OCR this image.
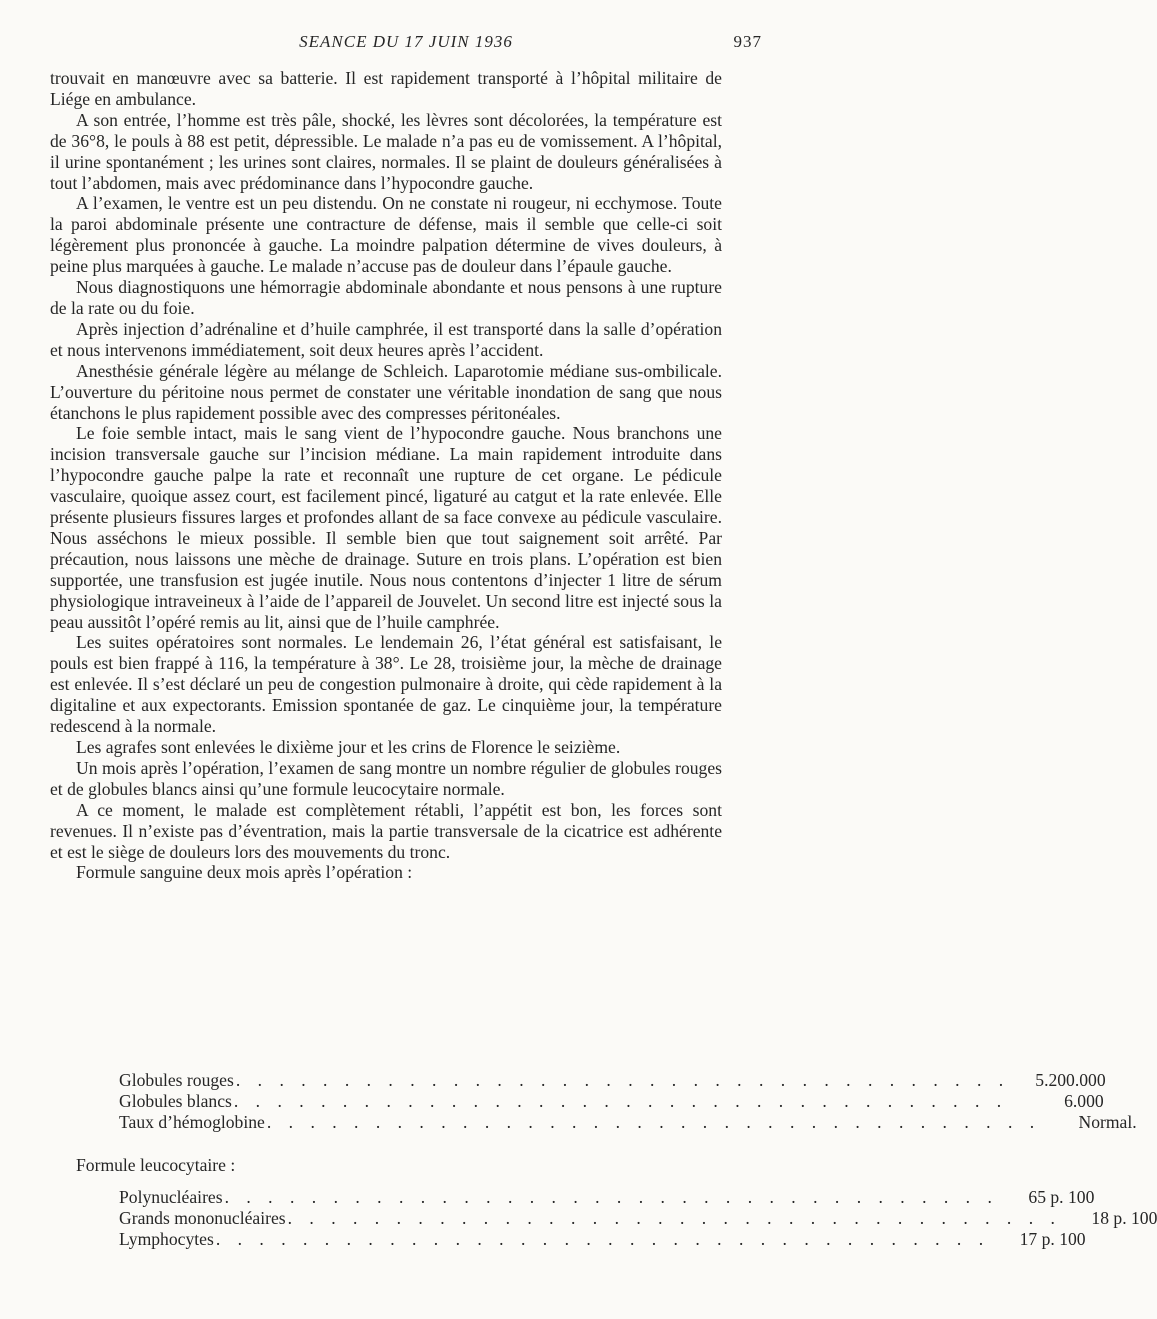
SEANCE DU 17 JUIN 1936	937

trouvait en manœuvre avec sa batterie. Il est rapidement transporté à l’hôpital militaire de Liége en ambulance.

A son entrée, l’homme est très pâle, shocké, les lèvres sont décolorées, la température est de 36°8, le pouls à 88 est petit, dépressible. Le malade n’a pas eu de vomissement. A l’hôpital, il urine spontanément ; les urines sont claires, normales. Il se plaint de douleurs généralisées à tout l’abdomen, mais avec prédominance dans l’hypocondre gauche.

A l’examen, le ventre est un peu distendu. On ne constate ni rougeur, ni ecchymose. Toute la paroi abdominale présente une contracture de défense, mais il semble que celle-ci soit légèrement plus prononcée à gauche. La moindre palpation détermine de vives douleurs, à peine plus marquées à gauche. Le malade n’accuse pas de douleur dans l’épaule gauche.

Nous diagnostiquons une hémorragie abdominale abondante et nous pensons à une rupture de la rate ou du foie.

Après injection d’adrénaline et d’huile camphrée, il est transporté dans la salle d’opération et nous intervenons immédiatement, soit deux heures après l’accident.

Anesthésie générale légère au mélange de Schleich. Laparotomie médiane sus-ombilicale. L’ouverture du péritoine nous permet de constater une véritable inondation de sang que nous étanchons le plus rapidement possible avec des compresses péritonéales.

Le foie semble intact, mais le sang vient de l’hypocondre gauche. Nous branchons une incision transversale gauche sur l’incision médiane. La main rapidement introduite dans l’hypocondre gauche palpe la rate et reconnaît une rupture de cet organe. Le pédicule vasculaire, quoique assez court, est facilement pincé, ligaturé au catgut et la rate enlevée. Elle présente plusieurs fissures larges et profondes allant de sa face convexe au pédicule vasculaire. Nous asséchons le mieux possible. Il semble bien que tout saignement soit arrêté. Par précaution, nous laissons une mèche de drainage. Suture en trois plans. L’opération est bien supportée, une transfusion est jugée inutile. Nous nous contentons d’injecter 1 litre de sérum physiologique intraveineux à l’aide de l’appareil de Jouvelet. Un second litre est injecté sous la peau aussitôt l’opéré remis au lit, ainsi que de l’huile camphrée.

Les suites opératoires sont normales. Le lendemain 26, l’état général est satisfaisant, le pouls est bien frappé à 116, la température à 38°. Le 28, troisième jour, la mèche de drainage est enlevée. Il s’est déclaré un peu de congestion pulmonaire à droite, qui cède rapidement à la digitaline et aux expectorants. Emission spontanée de gaz. Le cinquième jour, la température redescend à la normale.

Les agrafes sont enlevées le dixième jour et les crins de Florence le seizième.

Un mois après l’opération, l’examen de sang montre un nombre régulier de globules rouges et de globules blancs ainsi qu’une formule leucocytaire normale.

A ce moment, le malade est complètement rétabli, l’appétit est bon, les forces sont revenues. Il n’existe pas d’éventration, mais la partie transversale de la cicatrice est adhérente et est le siège de douleurs lors des mouvements du tronc.

Formule sanguine deux mois après l’opération :

Globules rouges . . . . . . . . . . . . . . . . . . . . . . . . . . . . . . . . . . . .	5.200.000
Globules blancs . . . . . . . . . . . . . . . . . . . . . . . . . . . . . . . . . . . .	6.000
Taux d’hémoglobine . . . . . . . . . . . . . . . . . . . . . . . . . . . . . . . . . . . .	Normal.
Formule leucocytaire :
Polynucléaires . . . . . . . . . . . . . . . . . . . . . . . . . . . . . . . . . . . .	65 p. 100
Grands mononucléaires . . . . . . . . . . . . . . . . . . . . . . . . . . . . . . . . . . . .	18 p. 100
Lymphocytes . . . . . . . . . . . . . . . . . . . . . . . . . . . . . . . . . . . .	17 p. 100
